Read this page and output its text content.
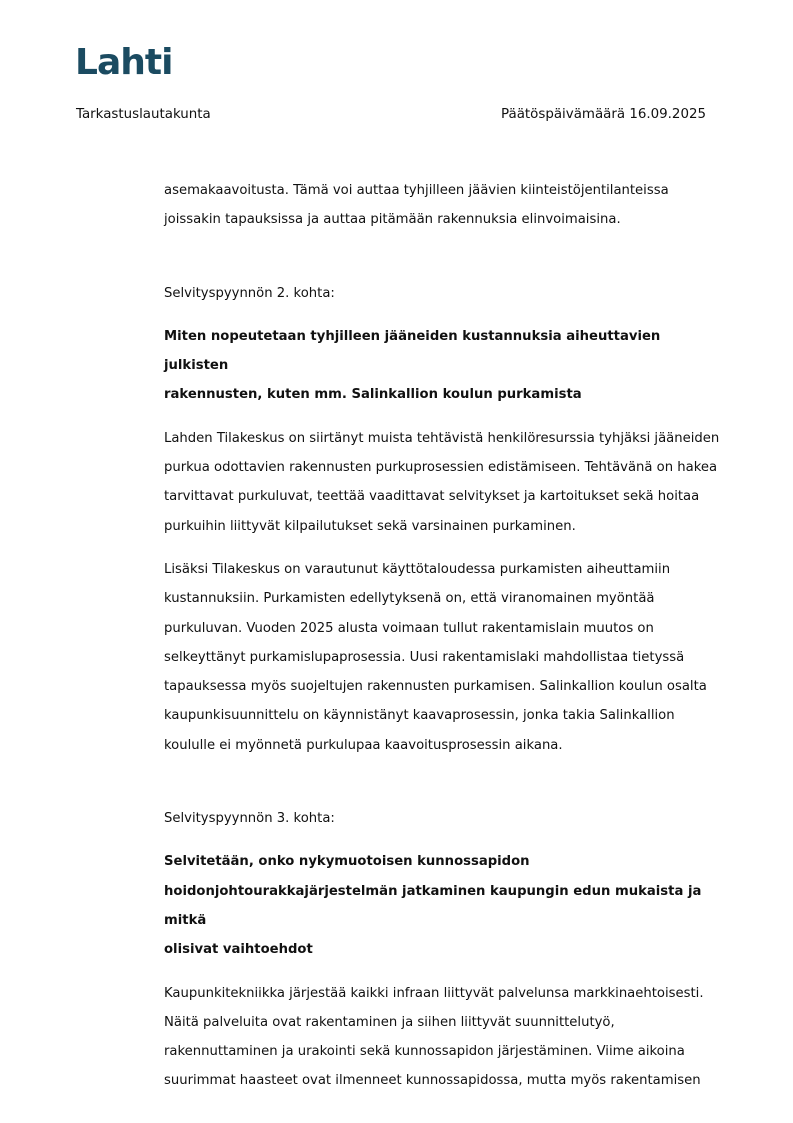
Lahti
Tarkastuslautakunta	Päätöspäivämäärä 16.09.2025

asemakaavoitusta. Tämä voi auttaa tyhjilleen jäävien kiinteistöjentilanteissa

joissakin tapauksissa ja auttaa pitämään rakennuksia elinvoimaisina.

Selvityspyynnön 2. kohta:

Miten nopeutetaan tyhjilleen jääneiden kustannuksia aiheuttavien julkisten

rakennusten, kuten mm. Salinkallion koulun purkamista

Lahden Tilakeskus on siirtänyt muista tehtävistä henkilöresurssia tyhjäksi jääneiden

purkua odottavien rakennusten purkuprosessien edistämiseen. Tehtävänä on hakea

tarvittavat purkuluvat, teettää vaadittavat selvitykset ja kartoitukset sekä hoitaa

purkuihin liittyvät kilpailutukset sekä varsinainen purkaminen.

Lisäksi Tilakeskus on varautunut käyttötaloudessa purkamisten aiheuttamiin

kustannuksiin. Purkamisten edellytyksenä on, että viranomainen myöntää

purkuluvan. Vuoden 2025 alusta voimaan tullut rakentamislain muutos on

selkeyttänyt purkamislupaprosessia. Uusi rakentamislaki mahdollistaa tietyssä

tapauksessa myös suojeltujen rakennusten purkamisen. Salinkallion koulun osalta

kaupunkisuunnittelu on käynnistänyt kaavaprosessin, jonka takia Salinkallion

koululle ei myönnetä purkulupaa kaavoitusprosessin aikana.

Selvityspyynnön 3. kohta:

Selvitetään, onko nykymuotoisen kunnossapidon

hoidonjohtourakkajärjestelmän jatkaminen kaupungin edun mukaista ja mitkä

olisivat vaihtoehdot

Kaupunkitekniikka järjestää kaikki infraan liittyvät palvelunsa markkinaehtoisesti.

Näitä palveluita ovat rakentaminen ja siihen liittyvät suunnittelutyö,

rakennuttaminen ja urakointi sekä kunnossapidon järjestäminen. Viime aikoina

suurimmat haasteet ovat ilmenneet kunnossapidossa, mutta myös rakentamisen
